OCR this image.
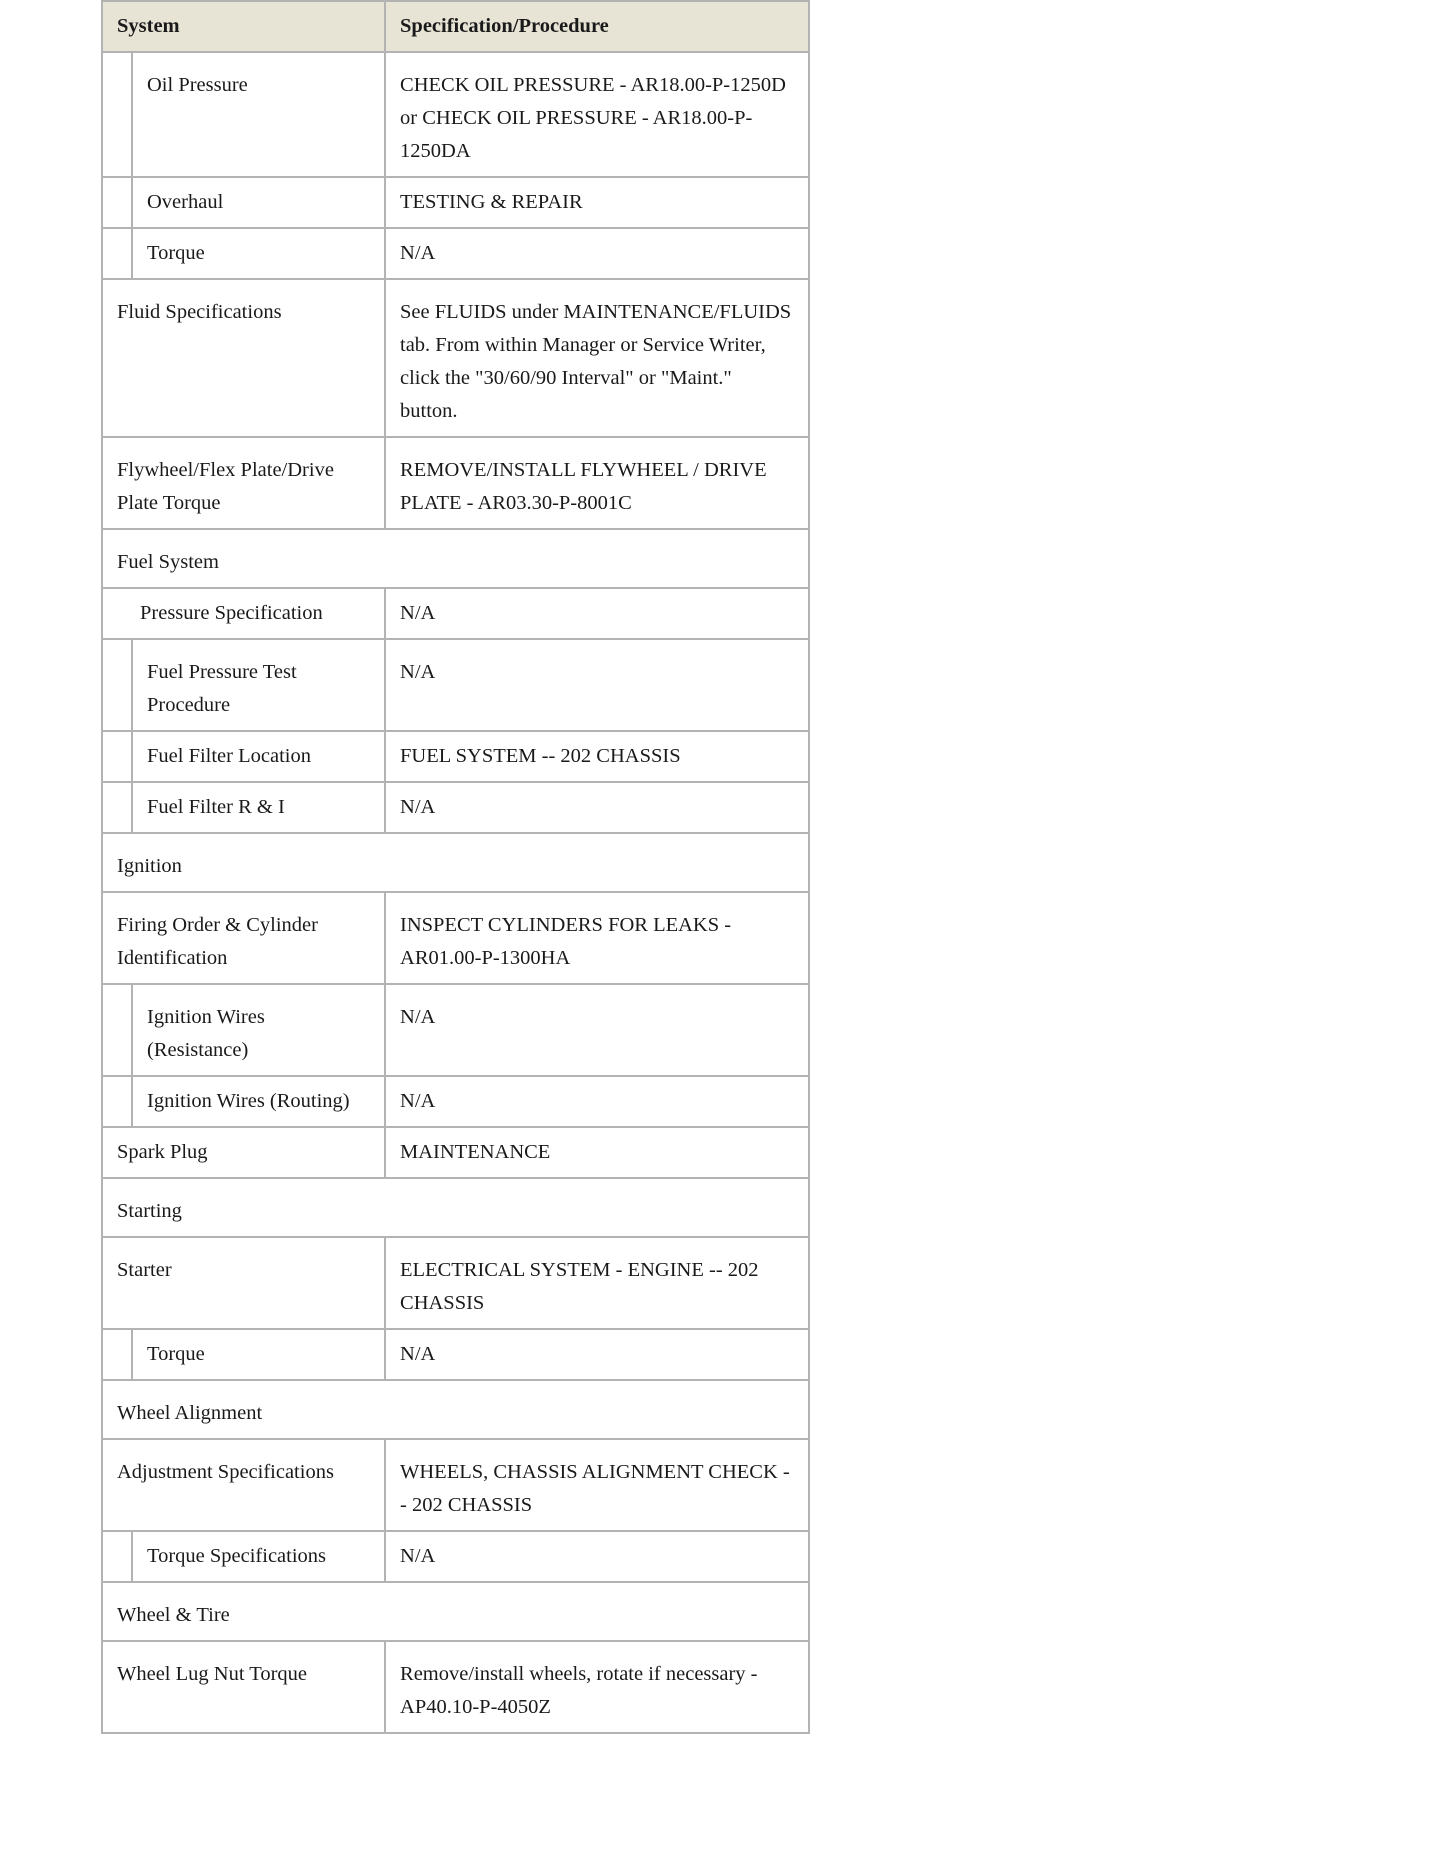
System		Specification/Procedure
	Oil Pressure	CHECK OIL PRESSURE - AR18.00-P-1250D or CHECK OIL PRESSURE - AR18.00-P-1250DA
	Overhaul	TESTING & REPAIR
	Torque	N/A
Fluid Specifications		See FLUIDS under MAINTENANCE/FLUIDS tab. From within Manager or Service Writer, click the "30/60/90 Interval" or "Maint." button.
Flywheel/Flex Plate/Drive Plate Torque		REMOVE/INSTALL FLYWHEEL / DRIVE PLATE - AR03.30-P-8001C
Fuel System		
Pressure Specification		N/A
	Fuel Pressure Test Procedure	N/A
	Fuel Filter Location	FUEL SYSTEM -- 202 CHASSIS
	Fuel Filter R & I	N/A
Ignition		
Firing Order & Cylinder Identification		INSPECT CYLINDERS FOR LEAKS - AR01.00-P-1300HA
	Ignition Wires (Resistance)	N/A
	Ignition Wires (Routing)	N/A
Spark Plug		MAINTENANCE
Starting		
Starter		ELECTRICAL SYSTEM - ENGINE -- 202 CHASSIS
	Torque	N/A
Wheel Alignment		
Adjustment Specifications		WHEELS, CHASSIS ALIGNMENT CHECK -- 202 CHASSIS
	Torque Specifications	N/A
Wheel & Tire		
Wheel Lug Nut Torque		Remove/install wheels, rotate if necessary - AP40.10-P-4050Z
